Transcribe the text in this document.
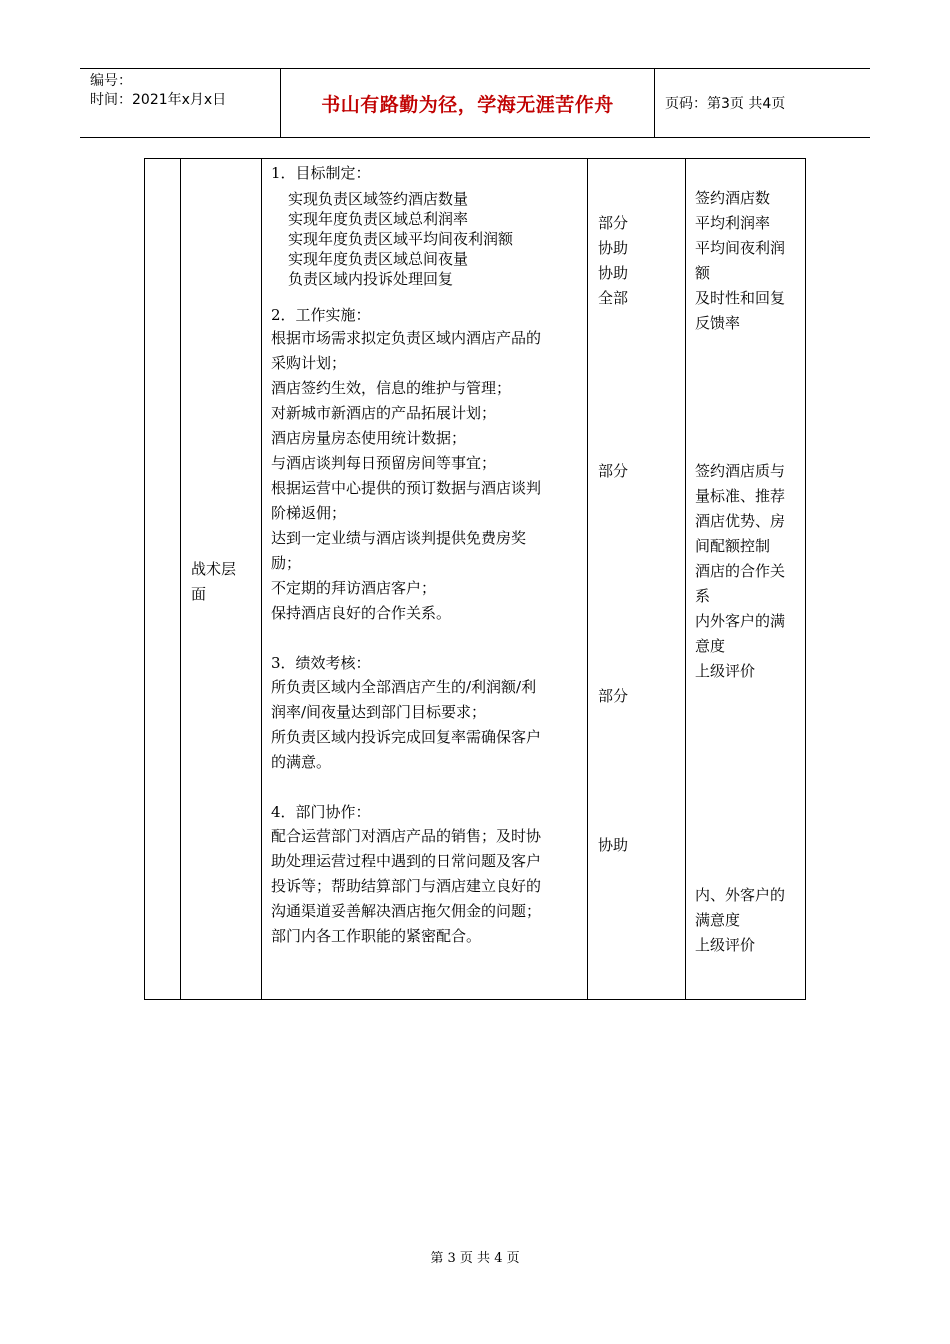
编号：
时间：2021年x月x日	书山有路勤为径，学海无涯苦作舟	页码：第3页 共4页
战术层
面
1．目标制定：
实现负责区域签约酒店数量
实现年度负责区域总利润率
实现年度负责区域平均间夜利润额
实现年度负责区域总间夜量
负责区域内投诉处理回复
2．工作实施：
根据市场需求拟定负责区域内酒店产品的
采购计划；
酒店签约生效，信息的维护与管理；
对新城市新酒店的产品拓展计划；
酒店房量房态使用统计数据；
与酒店谈判每日预留房间等事宜；
根据运营中心提供的预订数据与酒店谈判
阶梯返佣；
达到一定业绩与酒店谈判提供免费房奖
励；
不定期的拜访酒店客户；
保持酒店良好的合作关系。
3．绩效考核：
所负责区域内全部酒店产生的/利润额/利
润率/间夜量达到部门目标要求；
所负责区域内投诉完成回复率需确保客户
的满意。
4．部门协作：
配合运营部门对酒店产品的销售；及时协
助处理运营过程中遇到的日常问题及客户
投诉等；帮助结算部门与酒店建立良好的
沟通渠道妥善解决酒店拖欠佣金的问题；
部门内各工作职能的紧密配合。
部分
协助
协助
全部
部分
部分
协助
签约酒店数
平均利润率
平均间夜利润
额
及时性和回复
反馈率
签约酒店质与
量标准、推荐
酒店优势、房
间配额控制
酒店的合作关
系
内外客户的满
意度
上级评价
内、外客户的
满意度
上级评价
第 3 页 共 4 页
